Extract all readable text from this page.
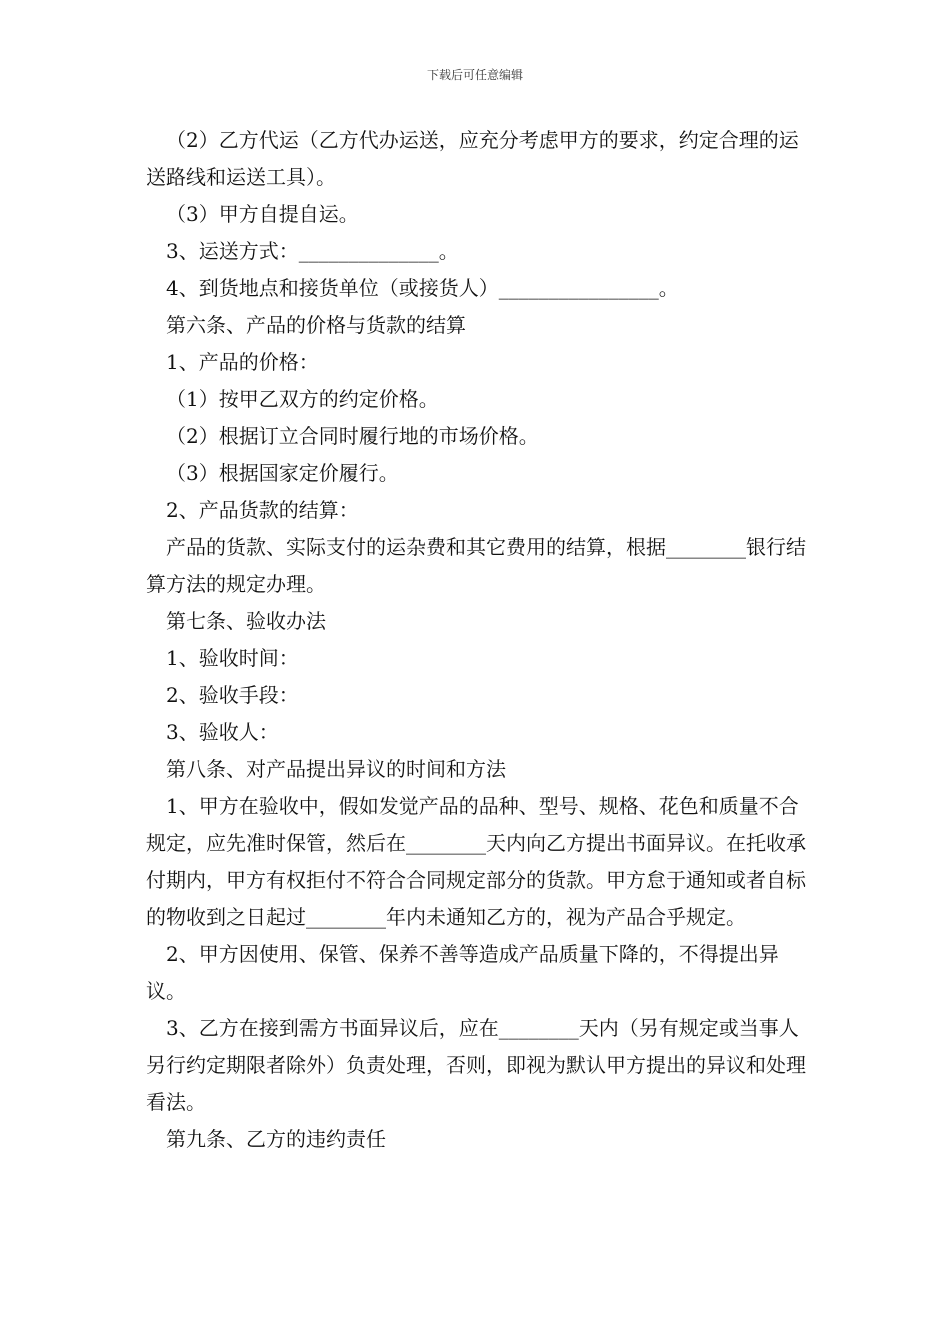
下载后可任意编辑

（2）乙方代运（乙方代办运送，应充分考虑甲方的要求，约定合理的运送路线和运送工具）。

（3）甲方自提自运。

3、运送方式：______________。

4、到货地点和接货单位（或接货人）________________。

第六条、产品的价格与货款的结算

1、产品的价格：

（1）按甲乙双方的约定价格。

（2）根据订立合同时履行地的市场价格。

（3）根据国家定价履行。

2、产品货款的结算：

产品的货款、实际支付的运杂费和其它费用的结算，根据________银行结算方法的规定办理。

第七条、验收办法

1、验收时间：

2、验收手段：

3、验收人：

第八条、对产品提出异议的时间和方法

1、甲方在验收中，假如发觉产品的品种、型号、规格、花色和质量不合规定，应先准时保管，然后在________天内向乙方提出书面异议。在托收承付期内，甲方有权拒付不符合合同规定部分的货款。甲方怠于通知或者自标的物收到之日起过________年内未通知乙方的，视为产品合乎规定。

2、甲方因使用、保管、保养不善等造成产品质量下降的，不得提出异议。

3、乙方在接到需方书面异议后，应在________天内（另有规定或当事人另行约定期限者除外）负责处理，否则，即视为默认甲方提出的异议和处理看法。

第九条、乙方的违约责任
